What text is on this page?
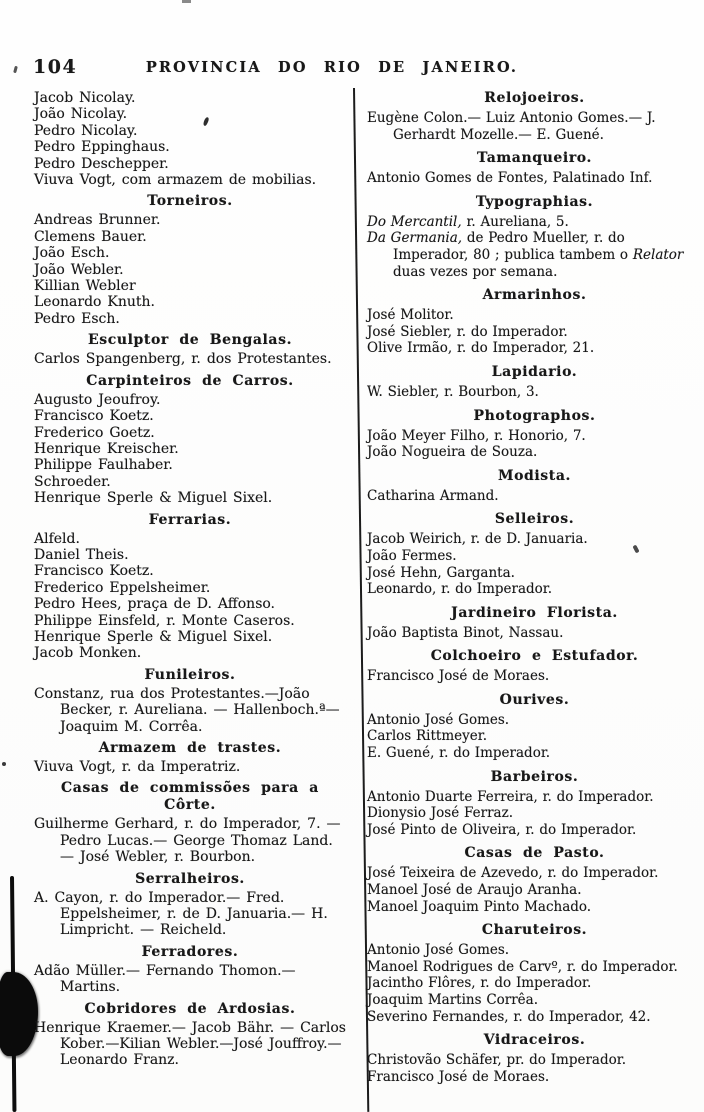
104	PROVINCIA DO RIO DE JANEIRO.
Jacob Nicolay.
João Nicolay.
Pedro Nicolay.
Pedro Eppinghaus.
Pedro Deschepper.
Viuva Vogt, com armazem de mobilias.
Torneiros.
Andreas Brunner.
Clemens Bauer.
João Esch.
João Webler.
Killian Webler
Leonardo Knuth.
Pedro Esch.
Esculptor de Bengalas.
Carlos Spangenberg, r. dos Protestantes.
Carpinteiros de Carros.
Augusto Jeoufroy.
Francisco Koetz.
Frederico Goetz.
Henrique Kreischer.
Philippe Faulhaber.
Schroeder.
Henrique Sperle & Miguel Sixel.
Ferrarias.
Alfeld.
Daniel Theis.
Francisco Koetz.
Frederico Eppelsheimer.
Pedro Hees, praça de D. Affonso.
Philippe Einsfeld, r. Monte Caseros.
Henrique Sperle & Miguel Sixel.
Jacob Monken.
Funileiros.
Constanz, rua dos Protestantes.—João Becker, r. Aureliana. — Hallenboch.ª— Joaquim M. Corrêa.
Armazem de trastes.
Viuva Vogt, r. da Imperatriz.
Casas de commissões para a Côrte.
Guilherme Gerhard, r. do Imperador, 7. —Pedro Lucas.— George Thomaz Land. — José Webler, r. Bourbon.
Serralheiros.
A. Cayon, r. do Imperador.— Fred. Eppelsheimer, r. de D. Januaria.— H. Limpricht. — Reicheld.
Ferradores.
Adão Müller.— Fernando Thomon.— Martins.
Cobridores de Ardosias.
Henrique Kraemer.— Jacob Bähr. — Carlos Kober.—Kilian Webler.—José Jouffroy.—Leonardo Franz.
Relojoeiros.
Eugène Colon.— Luiz Antonio Gomes.— J. Gerhardt Mozelle.— E. Guené.
Tamanqueiro.
Antonio Gomes de Fontes, Palatinado Inf.
Typographias.
Do Mercantil, r. Aureliana, 5.
Da Germania, de Pedro Mueller, r. do Imperador, 80 ; publica tambem o Relator duas vezes por semana.
Armarinhos.
José Molitor.
José Siebler, r. do Imperador.
Olive Irmão, r. do Imperador, 21.
Lapidario.
W. Siebler, r. Bourbon, 3.
Photographos.
João Meyer Filho, r. Honorio, 7.
João Nogueira de Souza.
Modista.
Catharina Armand.
Selleiros.
Jacob Weirich, r. de D. Januaria.
João Fermes.
José Hehn, Garganta.
Leonardo, r. do Imperador.
Jardineiro Florista.
João Baptista Binot, Nassau.
Colchoeiro e Estufador.
Francisco José de Moraes.
Ourives.
Antonio José Gomes.
Carlos Rittmeyer.
E. Guené, r. do Imperador.
Barbeiros.
Antonio Duarte Ferreira, r. do Imperador.
Dionysio José Ferraz.
José Pinto de Oliveira, r. do Imperador.
Casas de Pasto.
José Teixeira de Azevedo, r. do Imperador.
Manoel José de Araujo Aranha.
Manoel Joaquim Pinto Machado.
Charuteiros.
Antonio José Gomes.
Manoel Rodrigues de Carvº, r. do Imperador.
Jacintho Flôres, r. do Imperador.
Joaquim Martins Corrêa.
Severino Fernandes, r. do Imperador, 42.
Vidraceiros.
Christovão Schäfer, pr. do Imperador.
Francisco José de Moraes.
